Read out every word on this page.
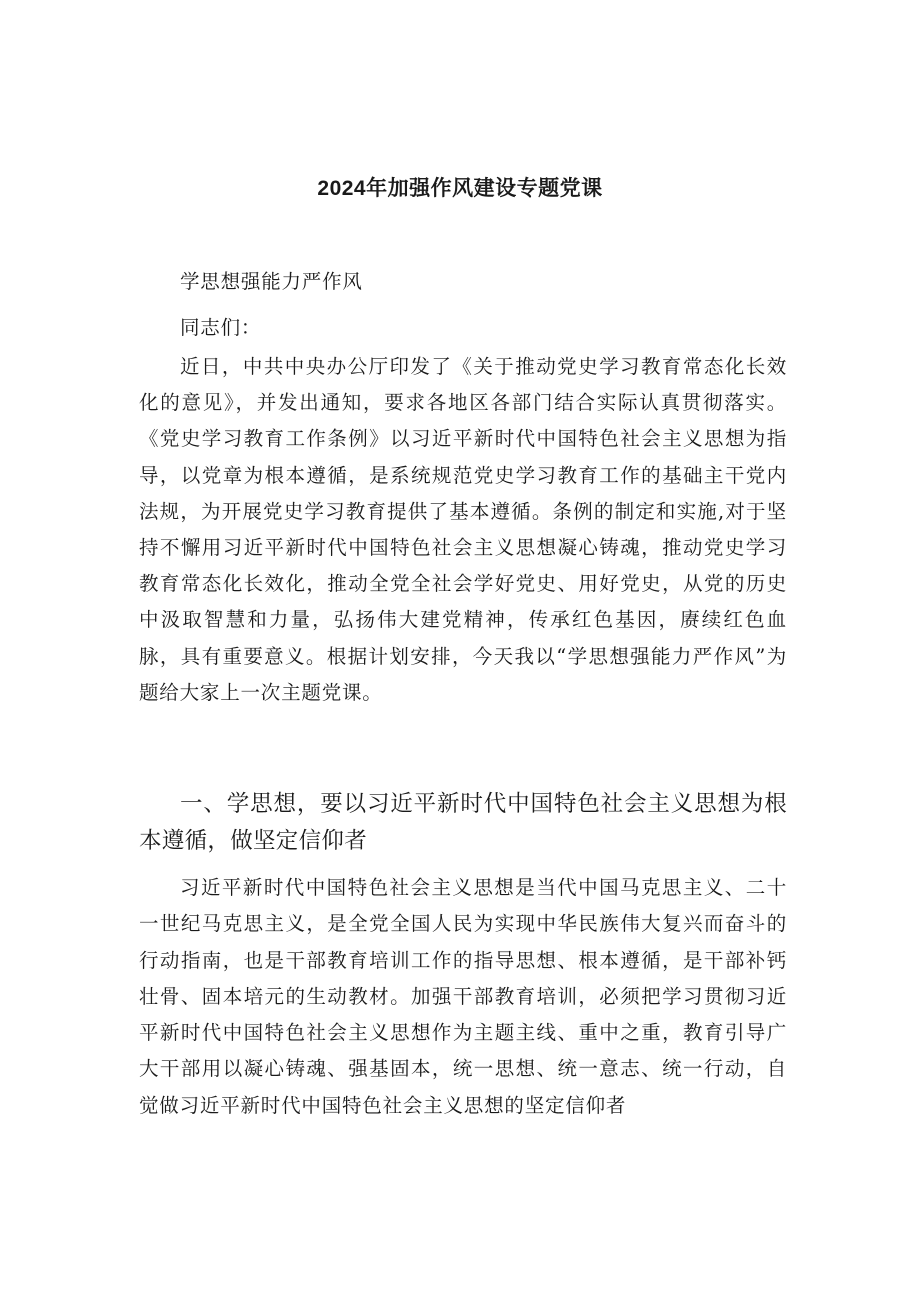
2024年加强作风建设专题党课

学思想强能力严作风

同志们：

近日，中共中央办公厅印发了《关于推动党史学习教育常态化长效化的意见》，并发出通知，要求各地区各部门结合实际认真贯彻落实。《党史学习教育工作条例》以习近平新时代中国特色社会主义思想为指导，以党章为根本遵循，是系统规范党史学习教育工作的基础主干党内法规，为开展党史学习教育提供了基本遵循。条例的制定和实施,对于坚持不懈用习近平新时代中国特色社会主义思想凝心铸魂，推动党史学习教育常态化长效化，推动全党全社会学好党史、用好党史，从党的历史中汲取智慧和力量，弘扬伟大建党精神，传承红色基因，赓续红色血脉，具有重要意义。根据计划安排，今天我以“学思想强能力严作风”为题给大家上一次主题党课。

一、学思想，要以习近平新时代中国特色社会主义思想为根本遵循，做坚定信仰者

习近平新时代中国特色社会主义思想是当代中国马克思主义、二十一世纪马克思主义，是全党全国人民为实现中华民族伟大复兴而奋斗的行动指南，也是干部教育培训工作的指导思想、根本遵循，是干部补钙壮骨、固本培元的生动教材。加强干部教育培训，必须把学习贯彻习近平新时代中国特色社会主义思想作为主题主线、重中之重，教育引导广大干部用以凝心铸魂、强基固本，统一思想、统一意志、统一行动，自觉做习近平新时代中国特色社会主义思想的坚定信仰者
